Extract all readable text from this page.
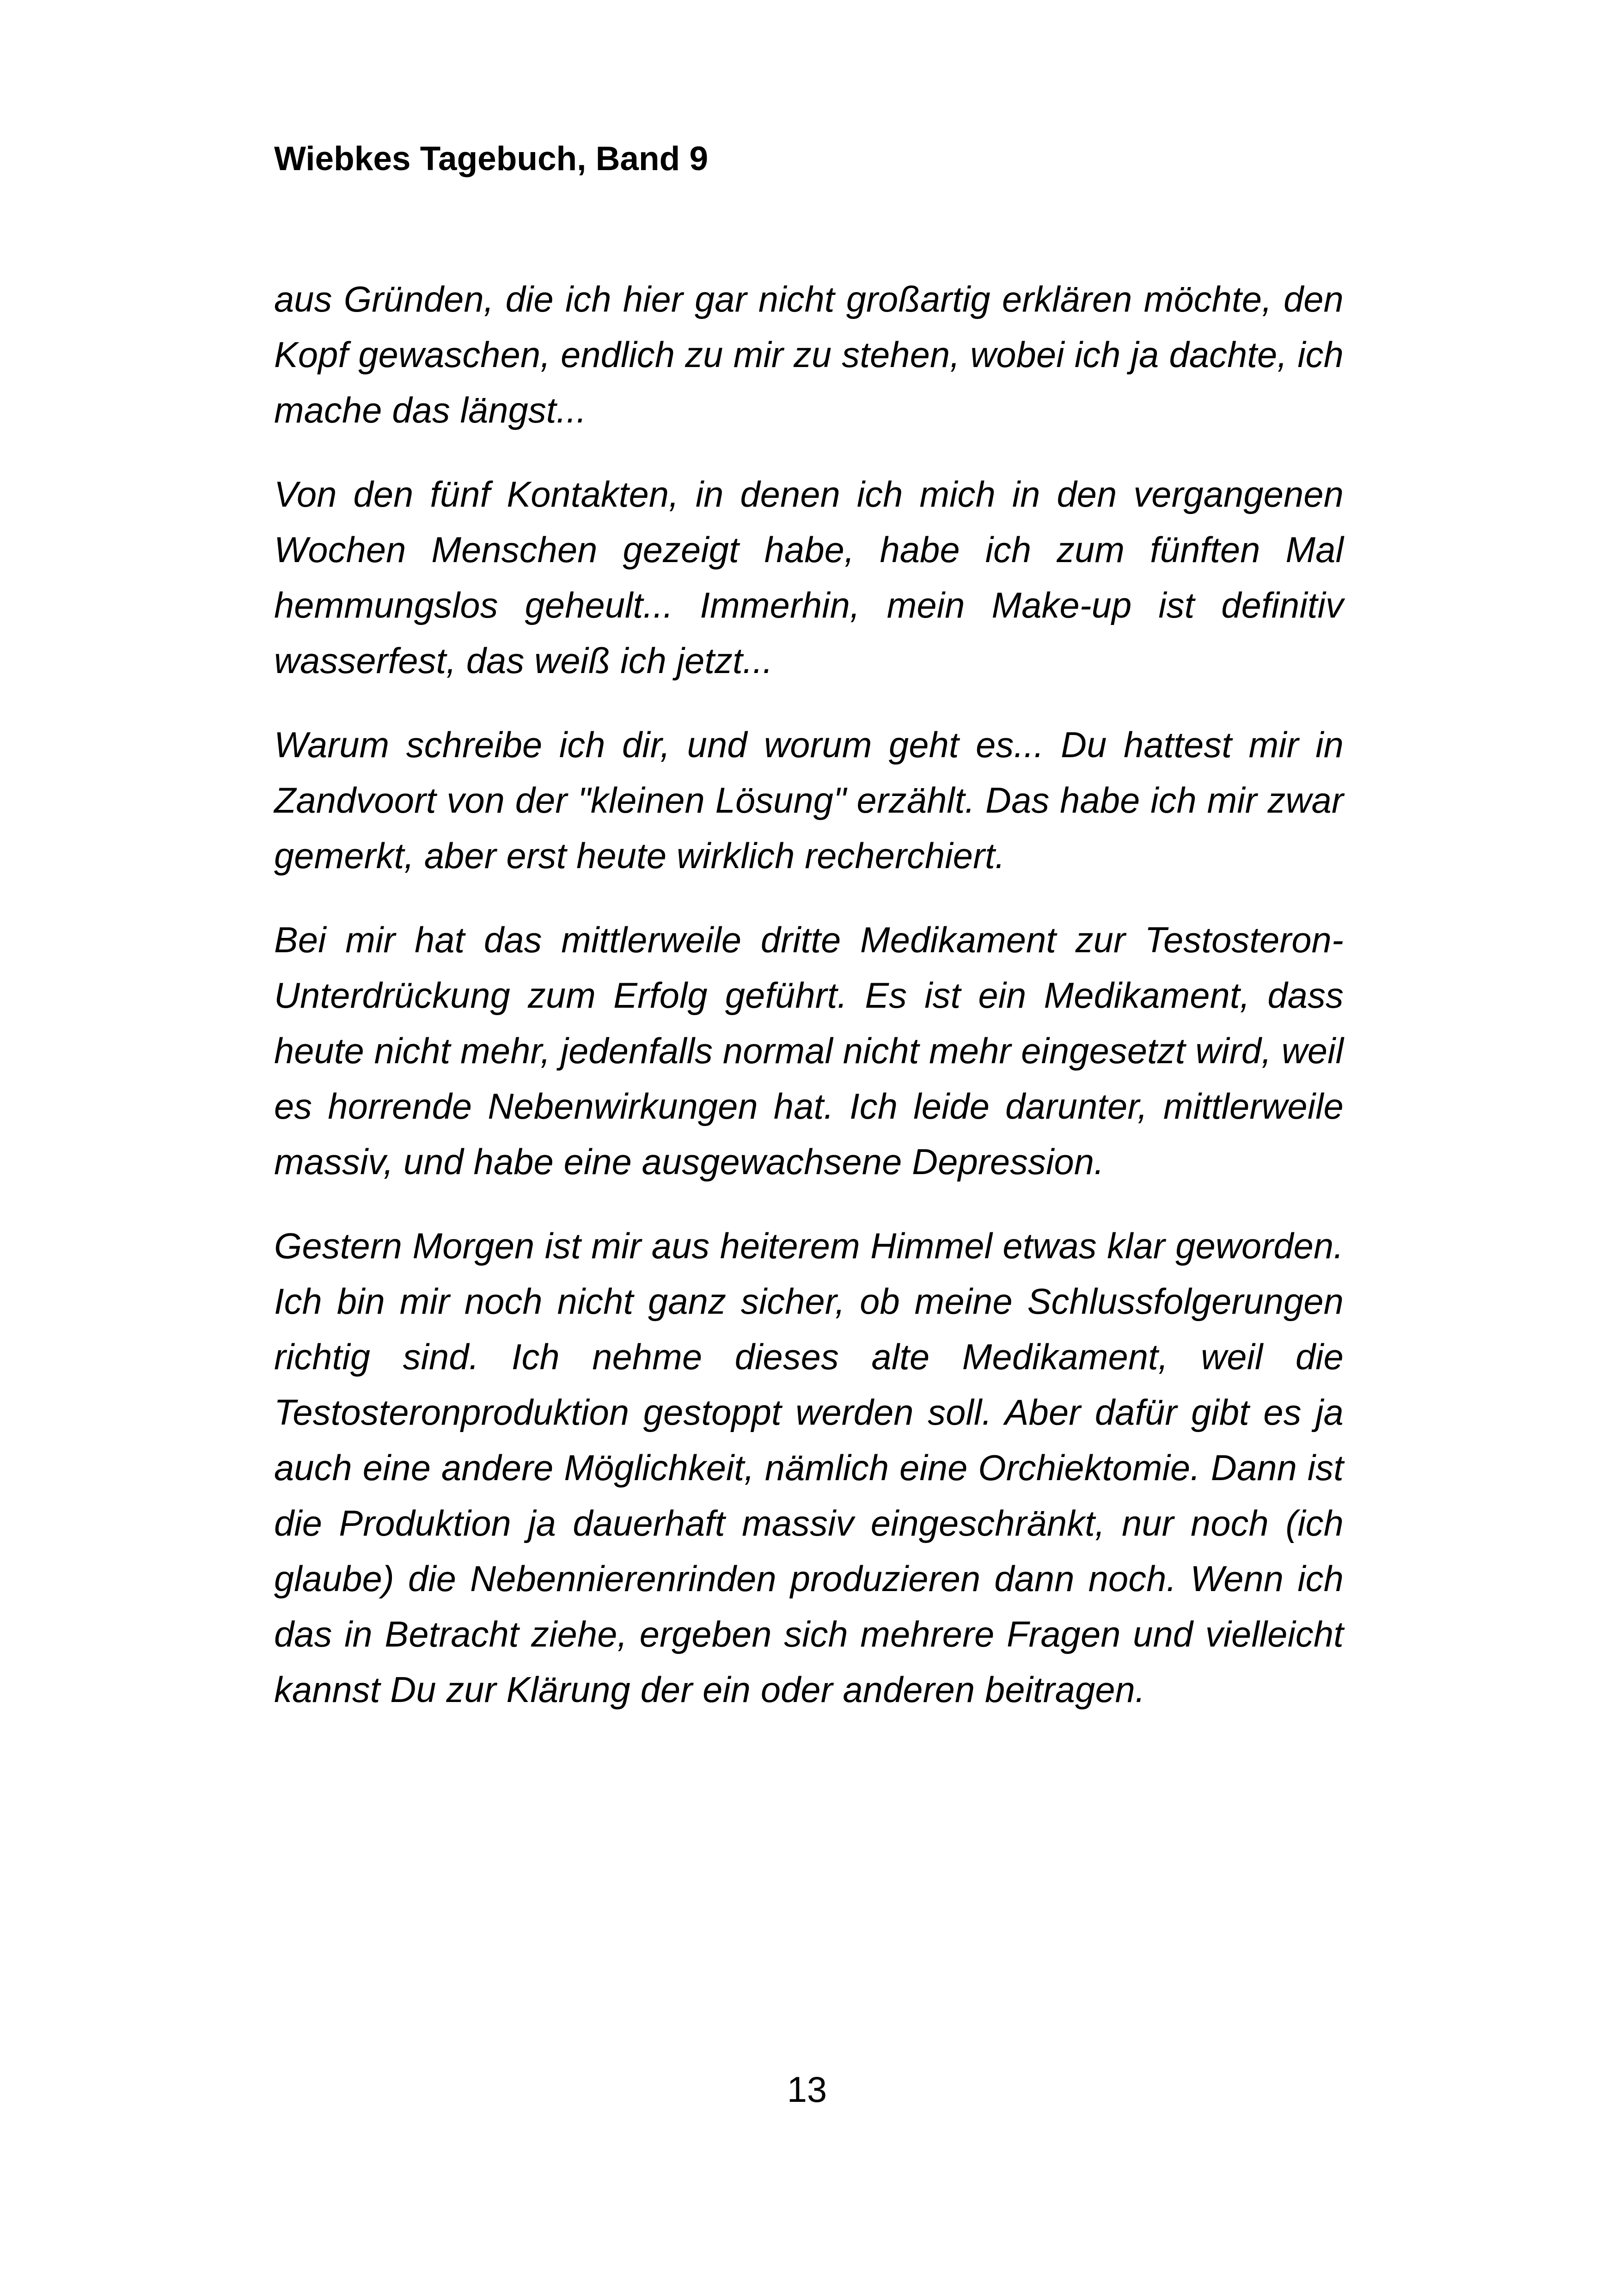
Wiebkes Tagebuch, Band 9

aus Gründen, die ich hier gar nicht großartig erklären möchte, den Kopf gewaschen, endlich zu mir zu stehen, wobei ich ja dachte, ich mache das längst...

Von den fünf Kontakten, in denen ich mich in den vergangenen Wochen Menschen gezeigt habe, habe ich zum fünften Mal hemmungslos geheult... Immerhin, mein Make-up ist definitiv wasserfest, das weiß ich jetzt...

Warum schreibe ich dir, und worum geht es... Du hattest mir in Zandvoort von der "kleinen Lösung" erzählt. Das habe ich mir zwar gemerkt, aber erst heute wirklich recherchiert.

Bei mir hat das mittlerweile dritte Medikament zur Testosteron- Unterdrückung zum Erfolg geführt. Es ist ein Medikament, dass heute nicht mehr, jedenfalls normal nicht mehr eingesetzt wird, weil es horrende Nebenwirkungen hat. Ich leide darunter, mittlerweile massiv, und habe eine ausgewachsene Depression.

Gestern Morgen ist mir aus heiterem Himmel etwas klar geworden. Ich bin mir noch nicht ganz sicher, ob meine Schlussfolgerungen richtig sind. Ich nehme dieses alte Medikament, weil die Testosteronproduktion gestoppt werden soll. Aber dafür gibt es ja auch eine andere Möglichkeit, nämlich eine Orchiektomie. Dann ist die Produktion ja dauerhaft massiv eingeschränkt, nur noch (ich glaube) die Nebennierenrinden produzieren dann noch. Wenn ich das in Betracht ziehe, ergeben sich mehrere Fragen und vielleicht kannst Du zur Klärung der ein oder anderen beitragen.

13
